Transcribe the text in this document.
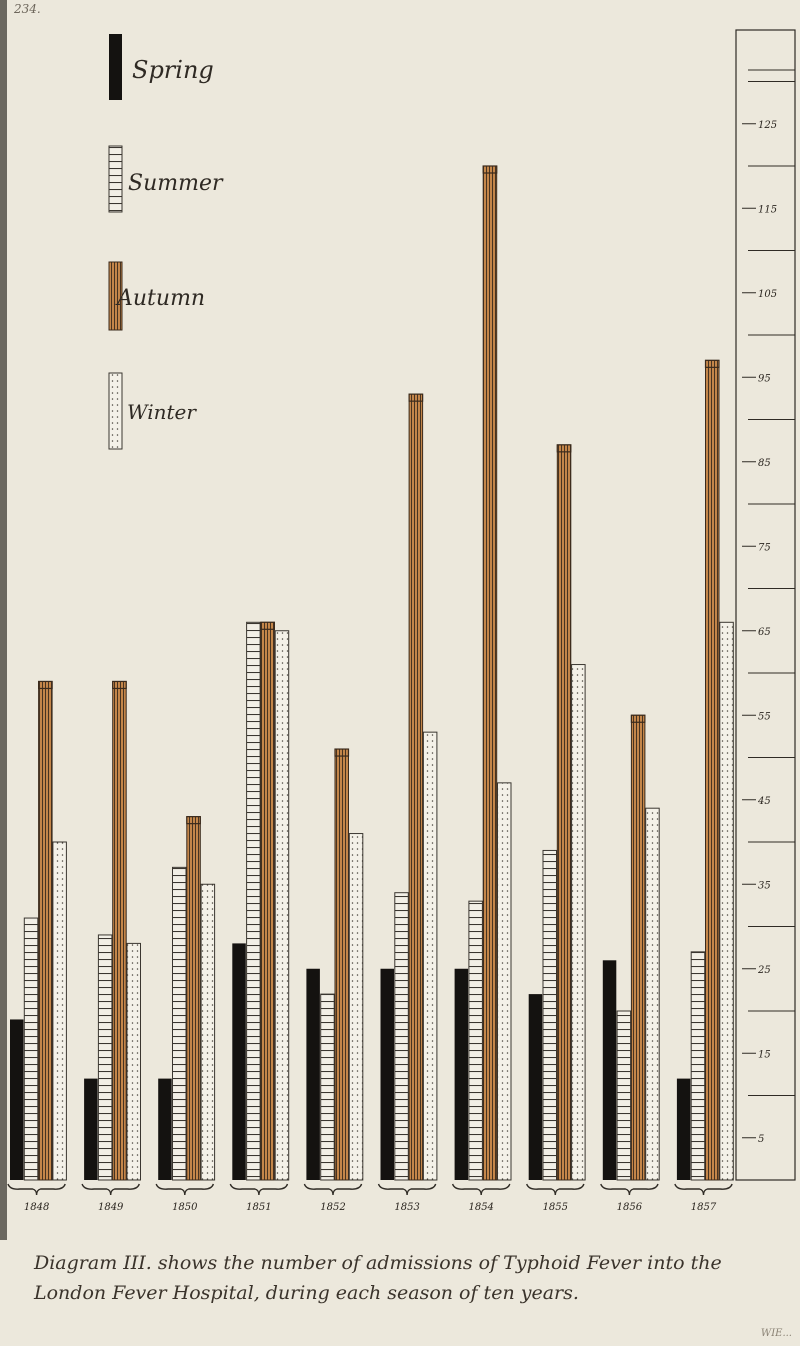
234.
Spring
Summer
Autumn
Winter
5
15
25
35
45
55
65
75
85
95
105
115
125
1848	1849	1850	1851	1852	1853	1854	1855	1856	1857
Diagram III. shows the number of admissions of Typhoid Fever into the London Fever Hospital, during each season of ten years.
WIE...
